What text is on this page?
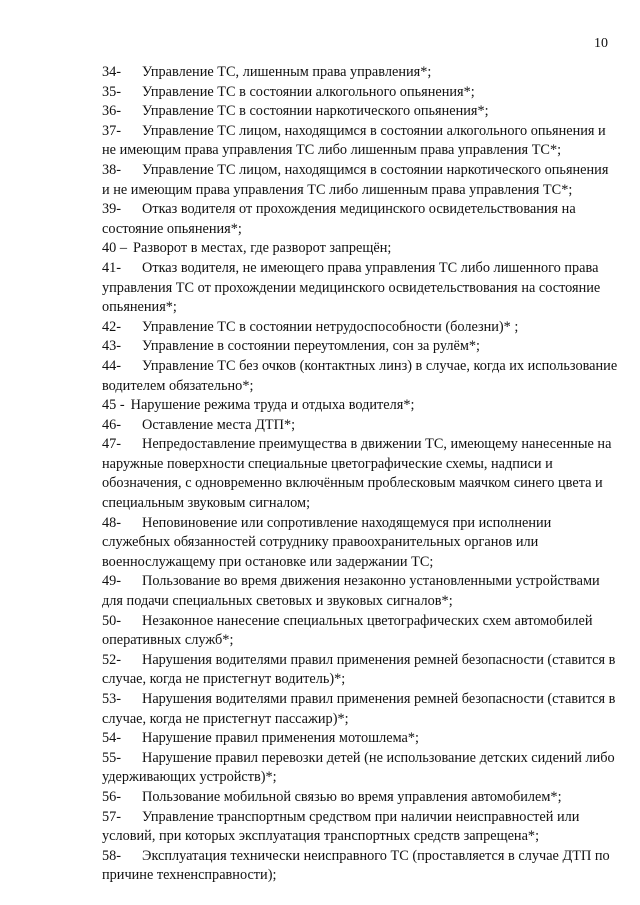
10

34- Управление ТС, лишенным права управления*;

35- Управление ТС в состоянии алкогольного опьянения*;

36- Управление ТС в состоянии наркотического опьянения*;

37- Управление ТС лицом, находящимся в состоянии алкогольного опьянения и не имеющим права управления ТС либо лишенным права управления ТС*;

38- Управление ТС лицом, находящимся в состоянии наркотического опьянения и не имеющим права управления ТС либо лишенным права управления ТС*;

39- Отказ водителя от прохождения медицинского освидетельствования на состояние опьянения*;

40 – Разворот в местах, где разворот запрещён;

41- Отказ водителя, не имеющего права управления ТС либо лишенного права управления ТС от прохождении медицинского освидетельствования на состояние опьянения*;

42- Управление ТС в состоянии нетрудоспособности (болезни)* ;

43- Управление в состоянии переутомления, сон за рулём*;

44- Управление ТС без очков (контактных линз) в случае, когда их использование водителем обязательно*;

45 - Нарушение режима труда и отдыха водителя*;

46- Оставление места ДТП*;

47- Непредоставление преимущества в движении ТС, имеющему нанесенные на наружные поверхности специальные цветографические схемы, надписи и обозначения, с одновременно включённым проблесковым маячком синего цвета и специальным звуковым сигналом;

48- Неповиновение или сопротивление находящемуся при исполнении служебных обязанностей сотруднику правоохранительных органов или военнослужащему при остановке или задержании ТС;

49- Пользование во время движения незаконно установленными устройствами для подачи специальных световых и звуковых сигналов*;

50- Незаконное нанесение специальных цветографических схем автомобилей оперативных служб*;

52- Нарушения водителями правил применения ремней безопасности (ставится в случае, когда не пристегнут водитель)*;

53- Нарушения водителями правил применения ремней безопасности (ставится в случае, когда не пристегнут пассажир)*;

54- Нарушение правил применения мотошлема*;

55- Нарушение правил перевозки детей (не использование детских сидений либо удерживающих устройств)*;

56- Пользование мобильной связью во время управления автомобилем*;

57- Управление транспортным средством при наличии неисправностей или условий, при которых эксплуатация транспортных средств запрещена*;

58- Эксплуатация технически неисправного ТС (проставляется в случае ДТП по причине техненсправности);
